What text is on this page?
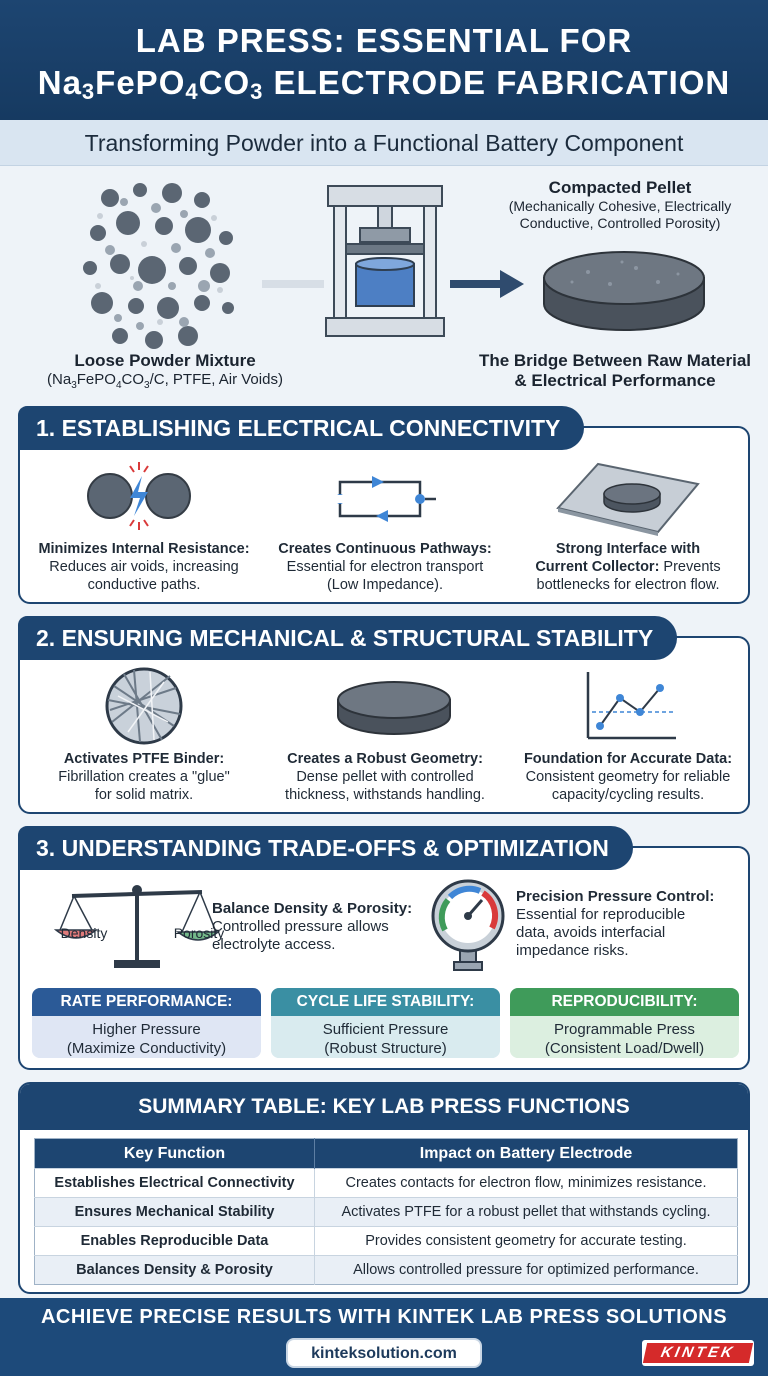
LAB PRESS: ESSENTIAL FOR
$Na_3FePO_4CO_3$ ELECTRODE FABRICATION
Transforming Powder into a Functional Battery Component
Loose Powder Mixture
($Na_3FePO_4CO_3/C$, PTFE, Air Voids)
Compacted Pellet
(Mechanically Cohesive, Electrically
Conductive, Controlled Porosity)
The Bridge Between Raw Material
& Electrical Performance
1. ESTABLISHING ELECTRICAL CONNECTIVITY
Minimizes Internal Resistance:
Reduces air voids, increasing
conductive paths.
Creates Continuous Pathways:
Essential for electron transport
(Low Impedance).
Strong Interface with
Current Collector: Prevents
bottlenecks for electron flow.
2. ENSURING MECHANICAL & STRUCTURAL STABILITY
Activates PTFE Binder:
Fibrillation creates a "glue"
for solid matrix.
Creates a Robust Geometry:
Dense pellet with controlled
thickness, withstands handling.
Foundation for Accurate Data:
Consistent geometry for reliable
capacity/cycling results.
3. UNDERSTANDING TRADE-OFFS & OPTIMIZATION
Density	Porosity
Balance Density & Porosity:
Controlled pressure allows
electrolyte access.
Precision Pressure Control:
Essential for reproducible
data, avoids interfacial
impedance risks.
RATE PERFORMANCE:
Higher Pressure
(Maximize Conductivity)
CYCLE LIFE STABILITY:
Sufficient Pressure
(Robust Structure)
REPRODUCIBILITY:
Programmable Press
(Consistent Load/Dwell)
SUMMARY TABLE: KEY LAB PRESS FUNCTIONS
Key Function	Impact on Battery Electrode
Establishes Electrical Connectivity	Creates contacts for electron flow, minimizes resistance.
Ensures Mechanical Stability	Activates PTFE for a robust pellet that withstands cycling.
Enables Reproducible Data	Provides consistent geometry for accurate testing.
Balances Density & Porosity	Allows controlled pressure for optimized performance.
ACHIEVE PRECISE RESULTS WITH KINTEK LAB PRESS SOLUTIONS
kinteksolution.com	KINTEK
